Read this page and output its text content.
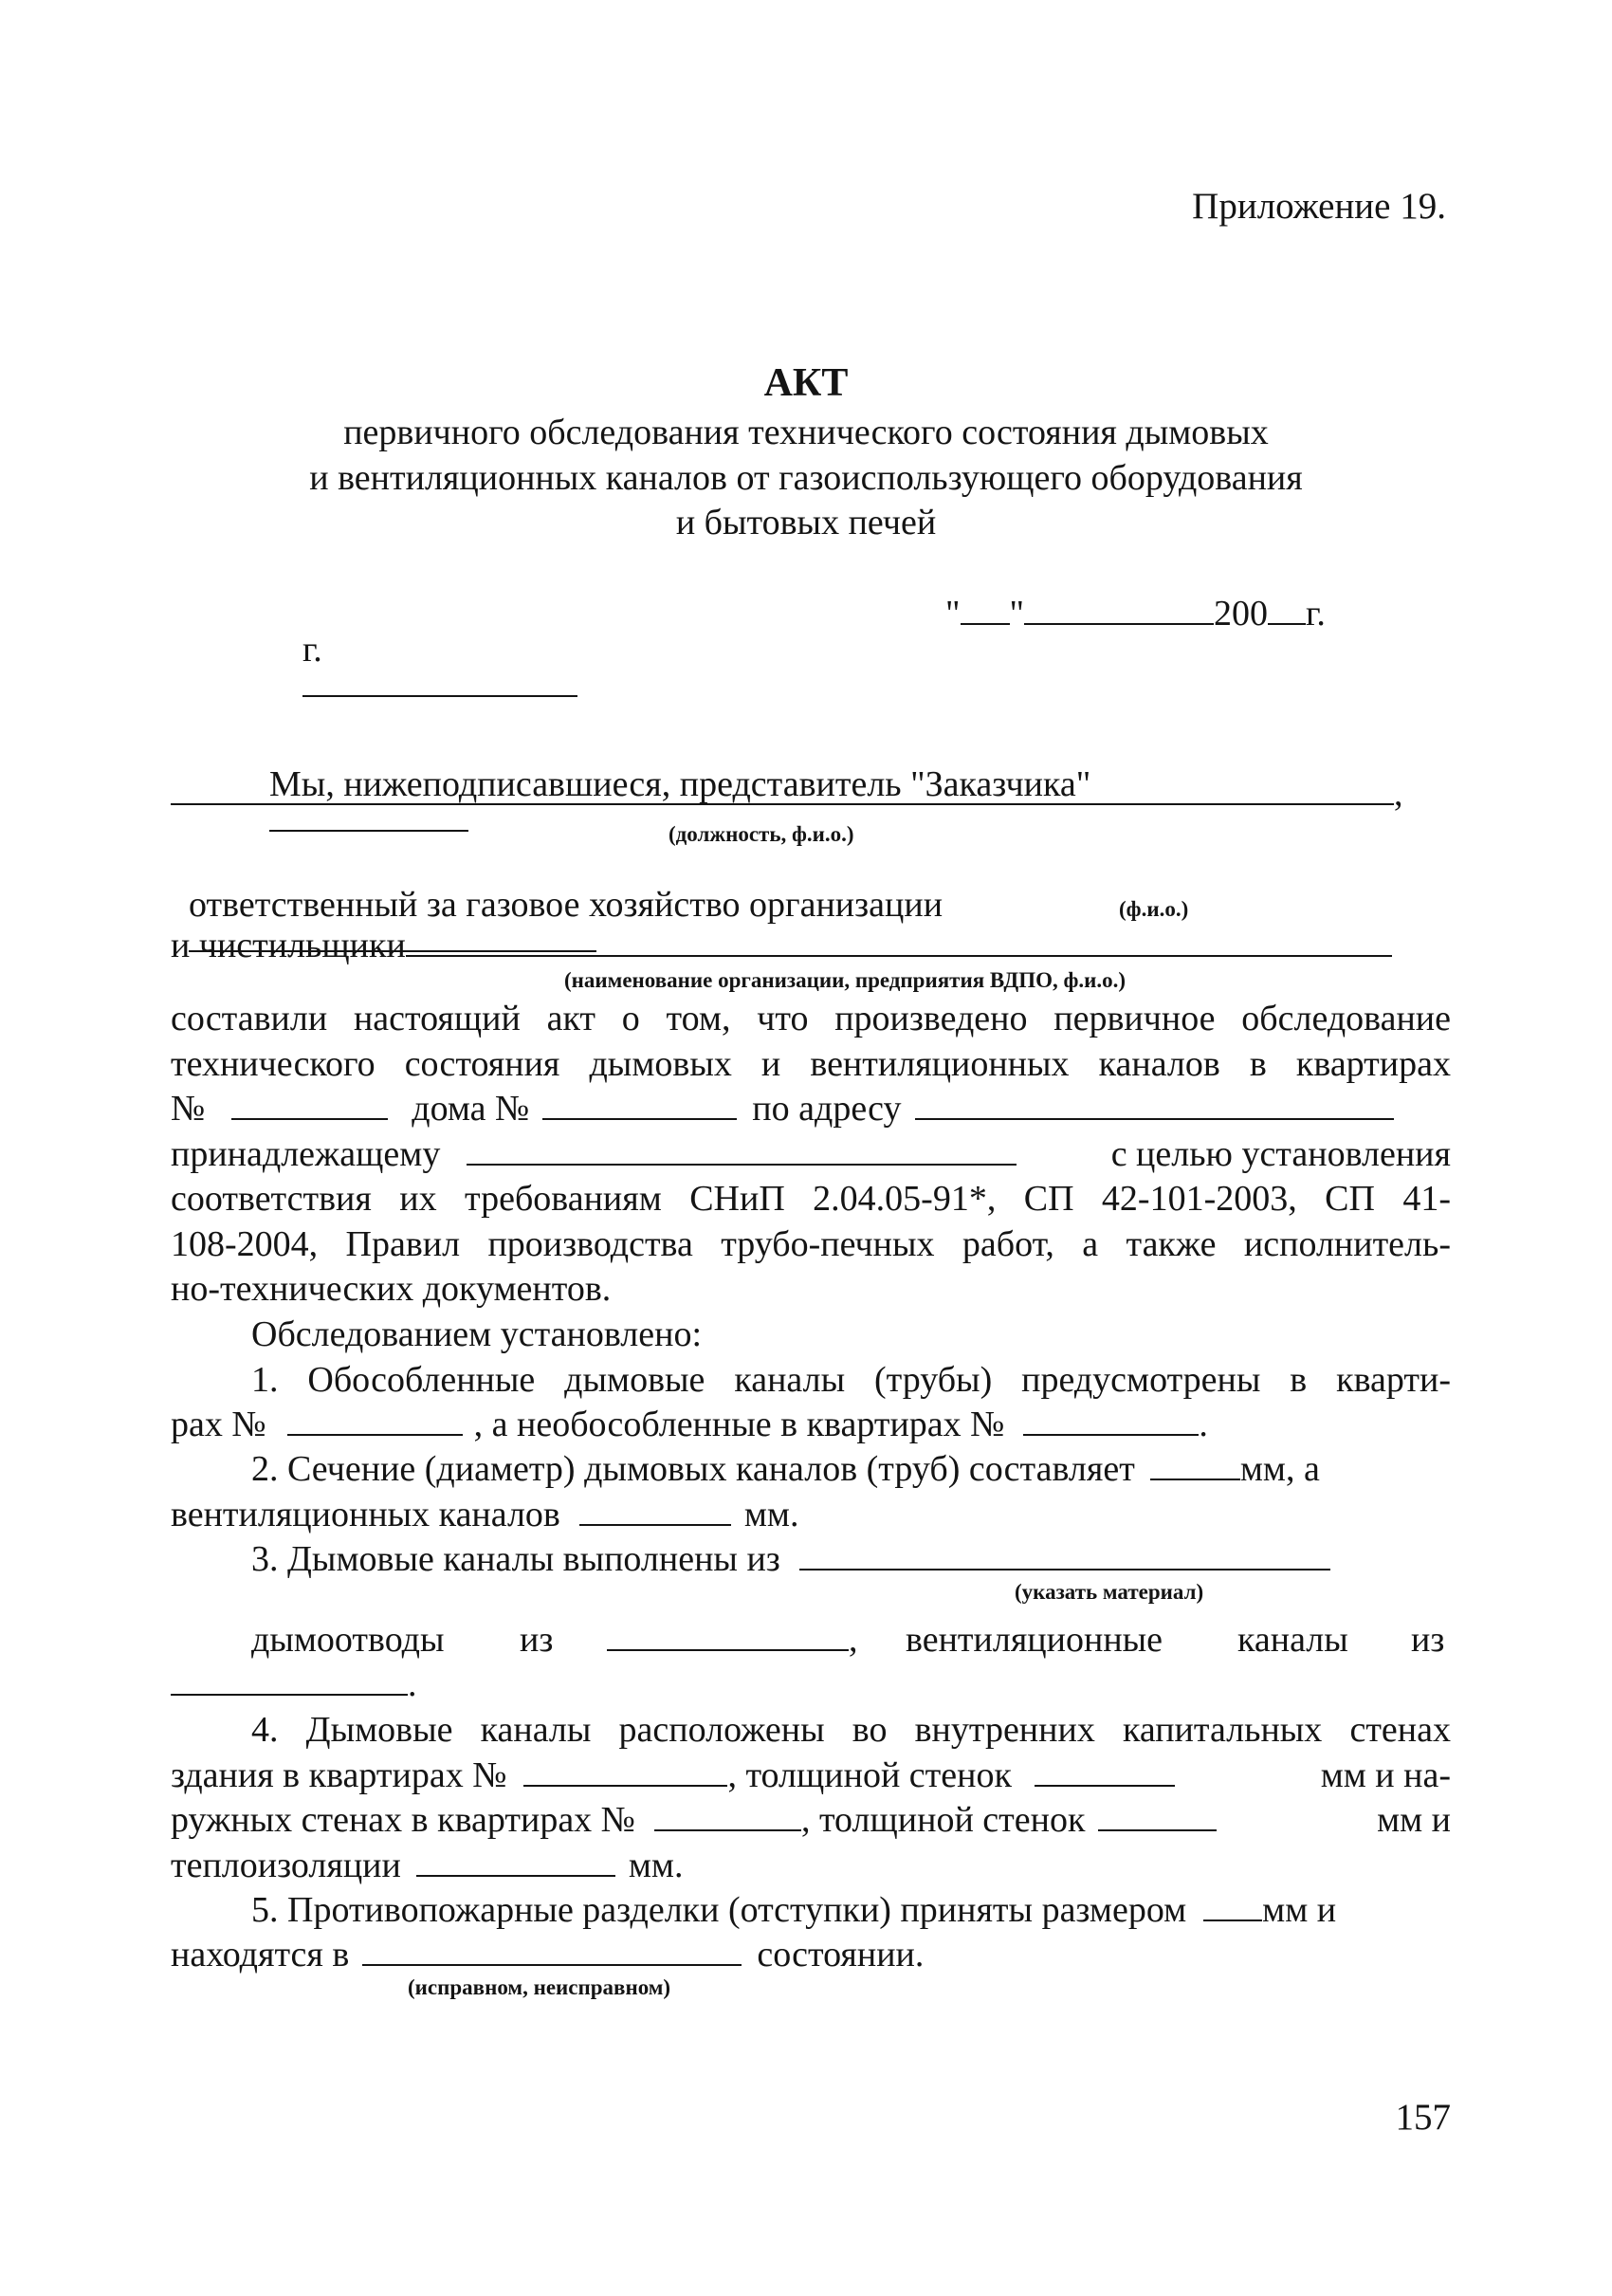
Приложение 19.
АКТ
первичного обследования технического состояния дымовых
и вентиляционных каналов от газоиспользующего оборудования
и бытовых печей

г.

" "	200 г.

Мы, нижеподписавшиеся, представитель "Заказчика"
	,
(должность, ф.и.о.)

ответственный за газовое хозяйство организации
	(ф.и.о.)
и чистильщики
(наименование организации, предприятия ВДПО, ф.и.о.)
составили настоящий акт о том, что произведено первичное обследование
технического состояния дымовых и вентиляционных каналов в квартирах
№	дома №	по адресу
принадлежащему	с целью установления
соответствия их требованиям СНиП 2.04.05-91*, СП 42-101-2003, СП 41-
108-2004, Правил производства трубо-печных работ, а также исполнитель-
но-технических документов.
Обследованием установлено:
1. Обособленные дымовые каналы (трубы) предусмотрены в кварти-
рах №	, а необособленные в квартирах №	.
2. Сечение (диаметр) дымовых каналов (труб) составляет	мм, а
вентиляционных каналов	мм.
3. Дымовые каналы выполнены из
(указать материал)
дымоотводы из	, вентиляционные каналы из
.
4. Дымовые каналы расположены во внутренних капитальных стенах
здания в квартирах №	, толщиной стенок	мм и на-
ружных стенах в квартирах №	, толщиной стенок	мм и
теплоизоляции	мм.
5. Противопожарные разделки (отступки) приняты размером мм и
находятся в	состоянии.
(исправном, неисправном)
157
